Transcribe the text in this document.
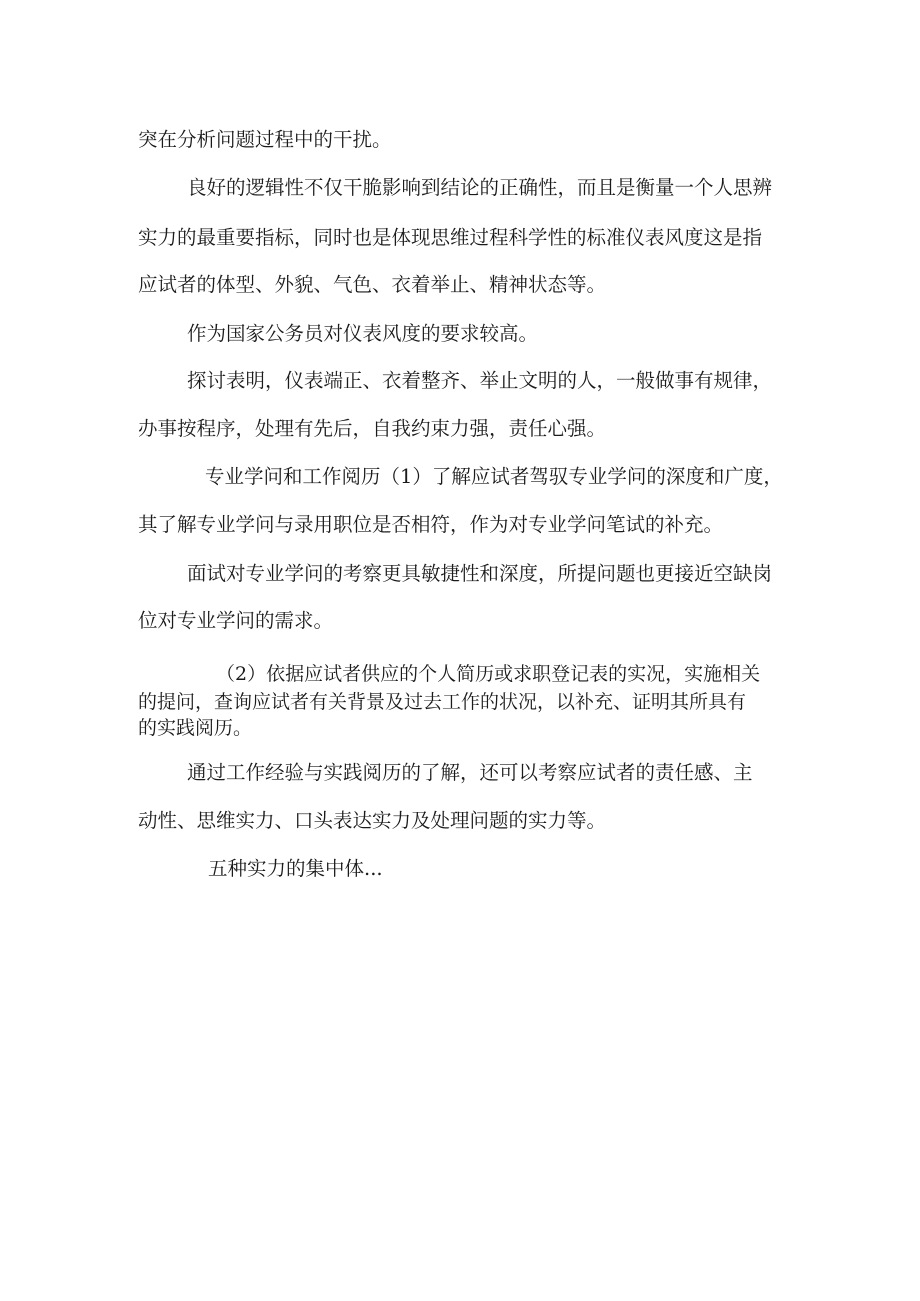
突在分析问题过程中的干扰。
良好的逻辑性不仅干脆影响到结论的正确性，而且是衡量一个人思辨
实力的最重要指标，同时也是体现思维过程科学性的标准仪表风度这是指
应试者的体型、外貌、气色、衣着举止、精神状态等。
作为国家公务员对仪表风度的要求较高。
探讨表明，仪表端正、衣着整齐、举止文明的人，一般做事有规律，
办事按程序，处理有先后，自我约束力强，责任心强。
专业学问和工作阅历（1）了解应试者驾驭专业学问的深度和广度，
其了解专业学问与录用职位是否相符，作为对专业学问笔试的补充。
面试对专业学问的考察更具敏捷性和深度，所提问题也更接近空缺岗
位对专业学问的需求。
（2）依据应试者供应的个人简历或求职登记表的实况，实施相关
的提问，查询应试者有关背景及过去工作的状况，以补充、证明其所具有
的实践阅历。
通过工作经验与实践阅历的了解，还可以考察应试者的责任感、主
动性、思维实力、口头表达实力及处理问题的实力等。
五种实力的集中体...
